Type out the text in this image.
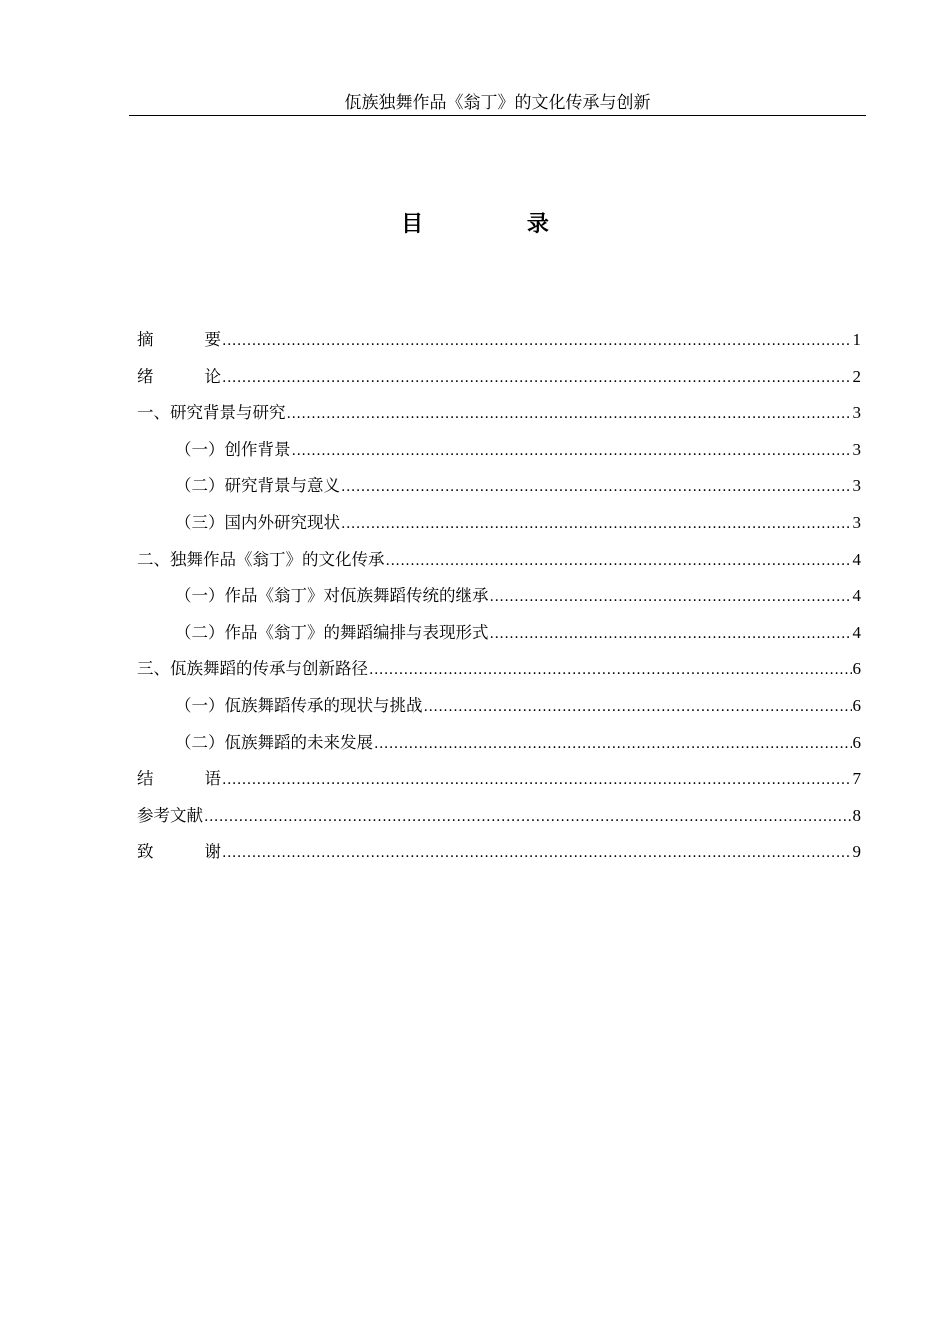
佤族独舞作品《翁丁》的文化传承与创新
目 录
摘 要 .....	1
绪 论 .....	2
一、研究背景与研究 .....	3
（一）创作背景 .....	3
（二）研究背景与意义 .....	3
（三）国内外研究现状 .....	3
二、独舞作品《翁丁》的文化传承 .....	4
（一）作品《翁丁》对佤族舞蹈传统的继承 .....	4
（二）作品《翁丁》的舞蹈编排与表现形式 .....	4
三、佤族舞蹈的传承与创新路径 .....	6
（一）佤族舞蹈传承的现状与挑战 .....	6
（二）佤族舞蹈的未来发展 .....	6
结 语 .....	7
参考文献 .....	8
致 谢 .....	9
